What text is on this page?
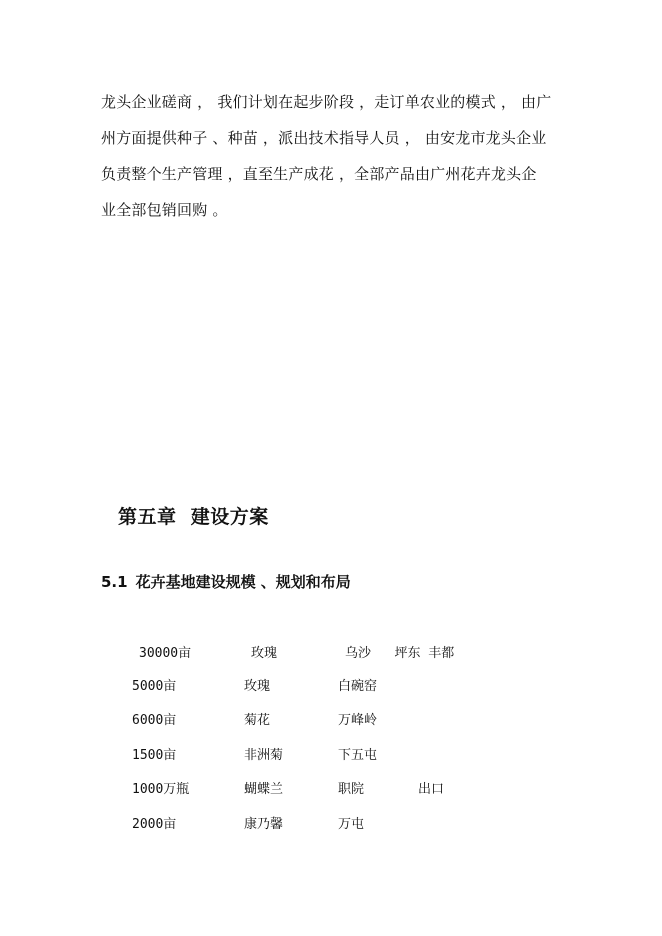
龙头企业磋商 ， 我们计划在起步阶段 ，走订单农业的模式 ， 由广
州方面提供种子 、种苗 ，派出技术指导人员 ， 由安龙市龙头企业
负责整个生产管理 ，直至生产成花 ，全部产品由广州花卉龙头企
业全部包销回购 。
第五章  建设方案
5.1 花卉基地建设规模 、规划和布局
30000亩	玫瑰	乌沙   坪东 丰都
5000亩	玫瑰	白碗窑
6000亩	菊花	万峰岭
1500亩	非洲菊	下五屯
1000万瓶	蝴蝶兰	职院	出口
2000亩	康乃馨	万屯
